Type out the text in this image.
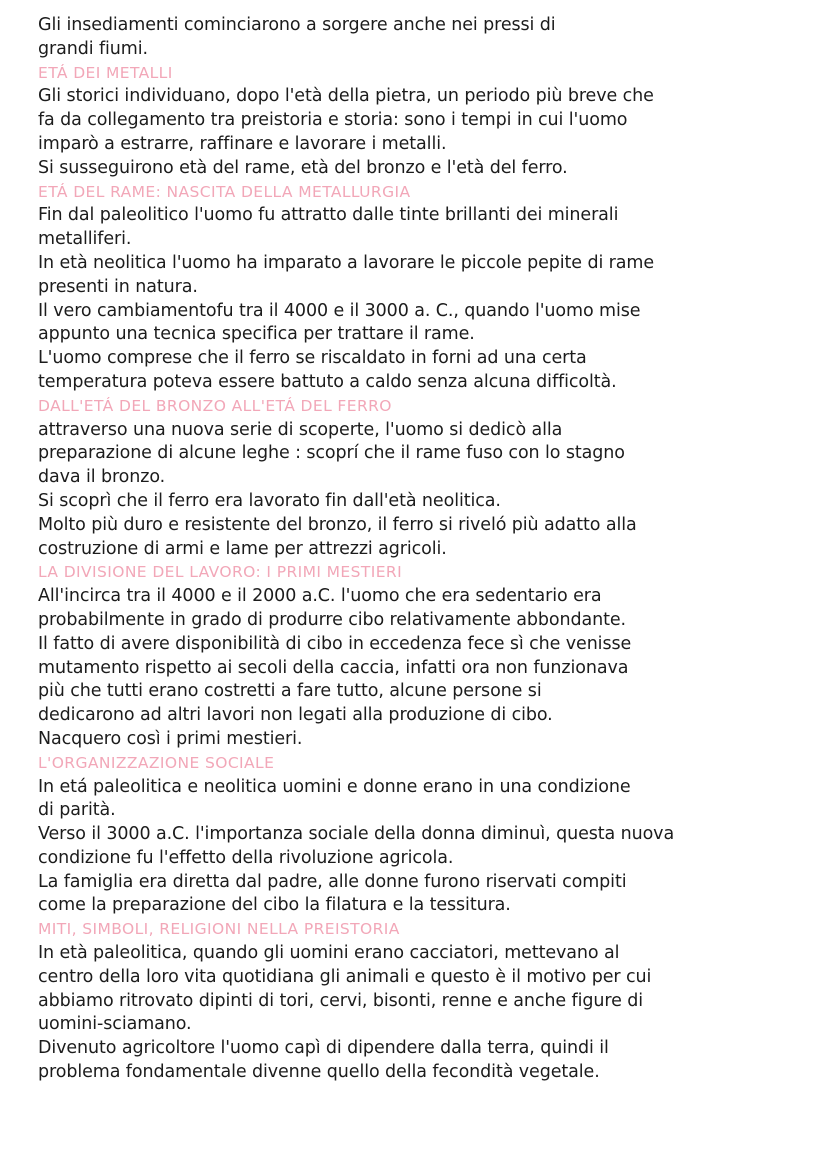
Gli insediamenti cominciarono a sorgere anche nei pressi di
grandi fiumi.
ETÁ DEI METALLI
Gli storici individuano, dopo l'età della pietra, un periodo più breve che
fa da collegamento tra preistoria e storia: sono i tempi in cui l'uomo
imparò a estrarre, raffinare e lavorare i metalli.
Si susseguirono età del rame, età del bronzo e l'età del ferro.
ETÁ DEL RAME: NASCITA DELLA METALLURGIA
Fin dal paleolitico l'uomo fu attratto dalle tinte brillanti dei minerali
metalliferi.
In età neolitica l'uomo ha imparato a lavorare le piccole pepite di rame
presenti in natura.
Il vero cambiamentofu tra il 4000 e il 3000 a. C., quando l'uomo mise
appunto una tecnica specifica per trattare il rame.
L'uomo comprese che il ferro se riscaldato in forni ad una certa
temperatura poteva essere battuto a caldo senza alcuna difficoltà.
DALL'ETÁ DEL BRONZO ALL'ETÁ DEL FERRO
attraverso una nuova serie di scoperte, l'uomo si dedicò alla
preparazione di alcune leghe : scoprí che il rame fuso con lo stagno
dava il bronzo.
Si scoprì che il ferro era lavorato fin dall'età neolitica.
Molto più duro e resistente del bronzo, il ferro si riveló più adatto alla
costruzione di armi e lame per attrezzi agricoli.
LA DIVISIONE DEL LAVORO: I PRIMI MESTIERI
All'incirca tra il 4000 e il 2000 a.C. l'uomo che era sedentario era
probabilmente in grado di produrre cibo relativamente abbondante.
Il fatto di avere disponibilità di cibo in eccedenza fece sì che venisse
mutamento rispetto ai secoli della caccia, infatti ora non funzionava
più che tutti erano costretti a fare tutto, alcune persone si
dedicarono ad altri lavori non legati alla produzione di cibo.
Nacquero così i primi mestieri.
L'ORGANIZZAZIONE SOCIALE
In etá paleolitica e neolitica uomini e donne erano in una condizione
di parità.
Verso il 3000 a.C. l'importanza sociale della donna diminuì, questa nuova
condizione fu l'effetto della rivoluzione agricola.
La famiglia era diretta dal padre, alle donne furono riservati compiti
come la preparazione del cibo la filatura e la tessitura.
MITI, SIMBOLI, RELIGIONI NELLA PREISTORIA
In età paleolitica, quando gli uomini erano cacciatori, mettevano al
centro della loro vita quotidiana gli animali e questo è il motivo per cui
abbiamo ritrovato dipinti di tori, cervi, bisonti, renne e anche figure di
uomini-sciamano.
Divenuto agricoltore l'uomo capì di dipendere dalla terra, quindi il
problema fondamentale divenne quello della fecondità vegetale.
